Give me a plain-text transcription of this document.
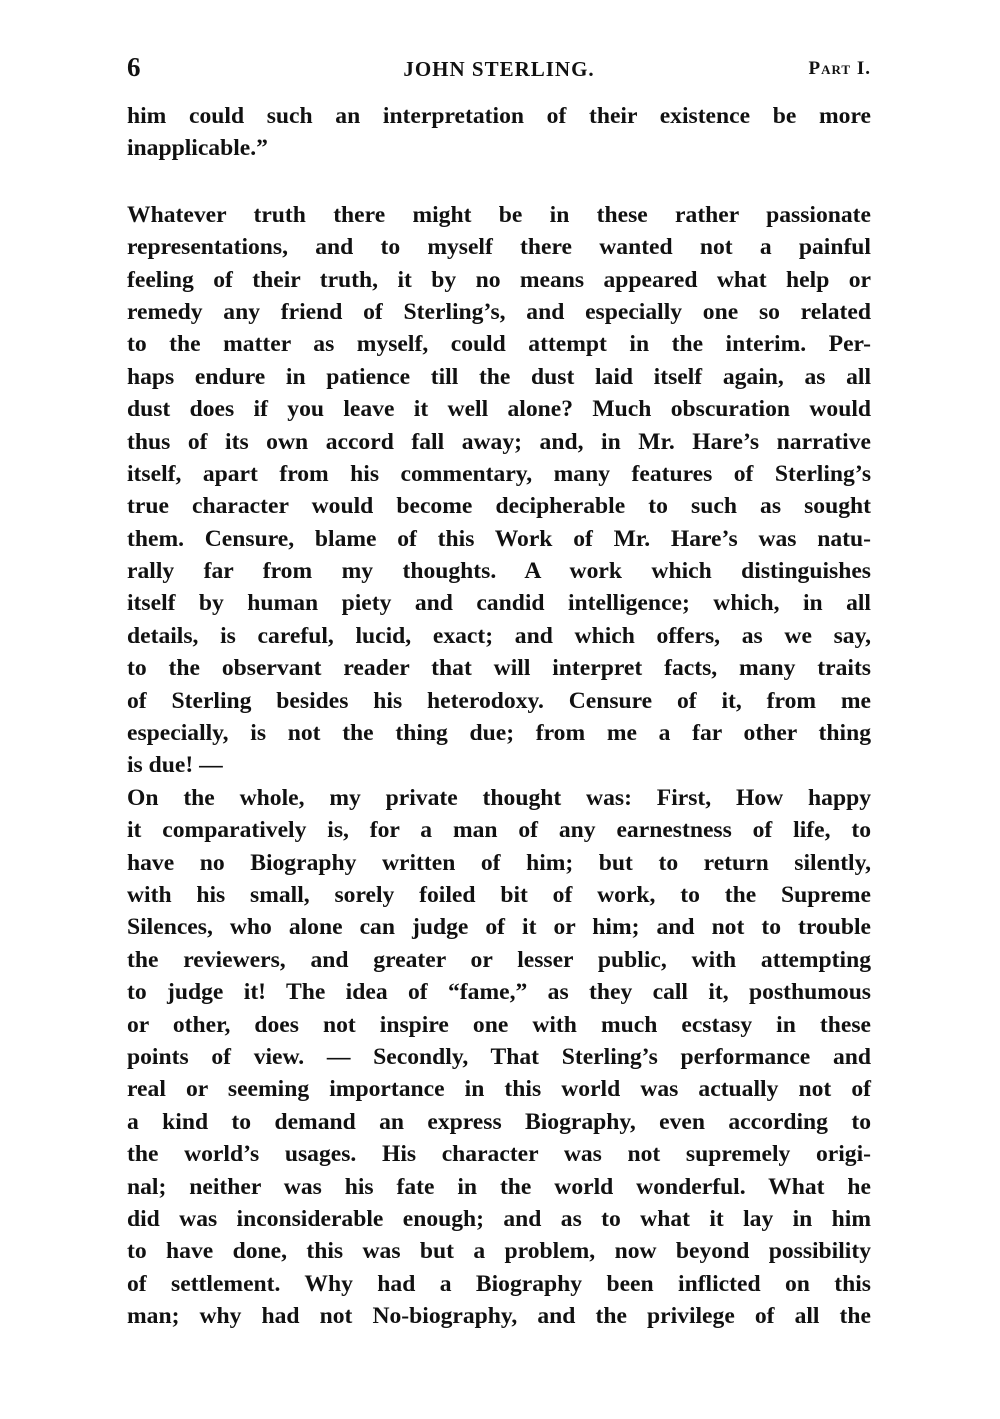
6	JOHN STERLING.	Part I.
him could such an interpretation of their existence be more
inapplicable.”
Whatever truth there might be in these rather passionate
representations, and to myself there wanted not a painful
feeling of their truth, it by no means appeared what help or
remedy any friend of Sterling’s, and especially one so related
to the matter as myself, could attempt in the interim. Per-
haps endure in patience till the dust laid itself again, as all
dust does if you leave it well alone? Much obscuration would
thus of its own accord fall away; and, in Mr. Hare’s narrative
itself, apart from his commentary, many features of Sterling’s
true character would become decipherable to such as sought
them. Censure, blame of this Work of Mr. Hare’s was natu-
rally far from my thoughts. A work which distinguishes
itself by human piety and candid intelligence; which, in all
details, is careful, lucid, exact; and which offers, as we say,
to the observant reader that will interpret facts, many traits
of Sterling besides his heterodoxy. Censure of it, from me
especially, is not the thing due; from me a far other thing
is due! —
On the whole, my private thought was: First, How happy
it comparatively is, for a man of any earnestness of life, to
have no Biography written of him; but to return silently,
with his small, sorely foiled bit of work, to the Supreme
Silences, who alone can judge of it or him; and not to trouble
the reviewers, and greater or lesser public, with attempting
to judge it! The idea of “fame,” as they call it, posthumous
or other, does not inspire one with much ecstasy in these
points of view. — Secondly, That Sterling’s performance and
real or seeming importance in this world was actually not of
a kind to demand an express Biography, even according to
the world’s usages. His character was not supremely origi-
nal; neither was his fate in the world wonderful. What he
did was inconsiderable enough; and as to what it lay in him
to have done, this was but a problem, now beyond possibility
of settlement. Why had a Biography been inflicted on this
man; why had not No-biography, and the privilege of all the
